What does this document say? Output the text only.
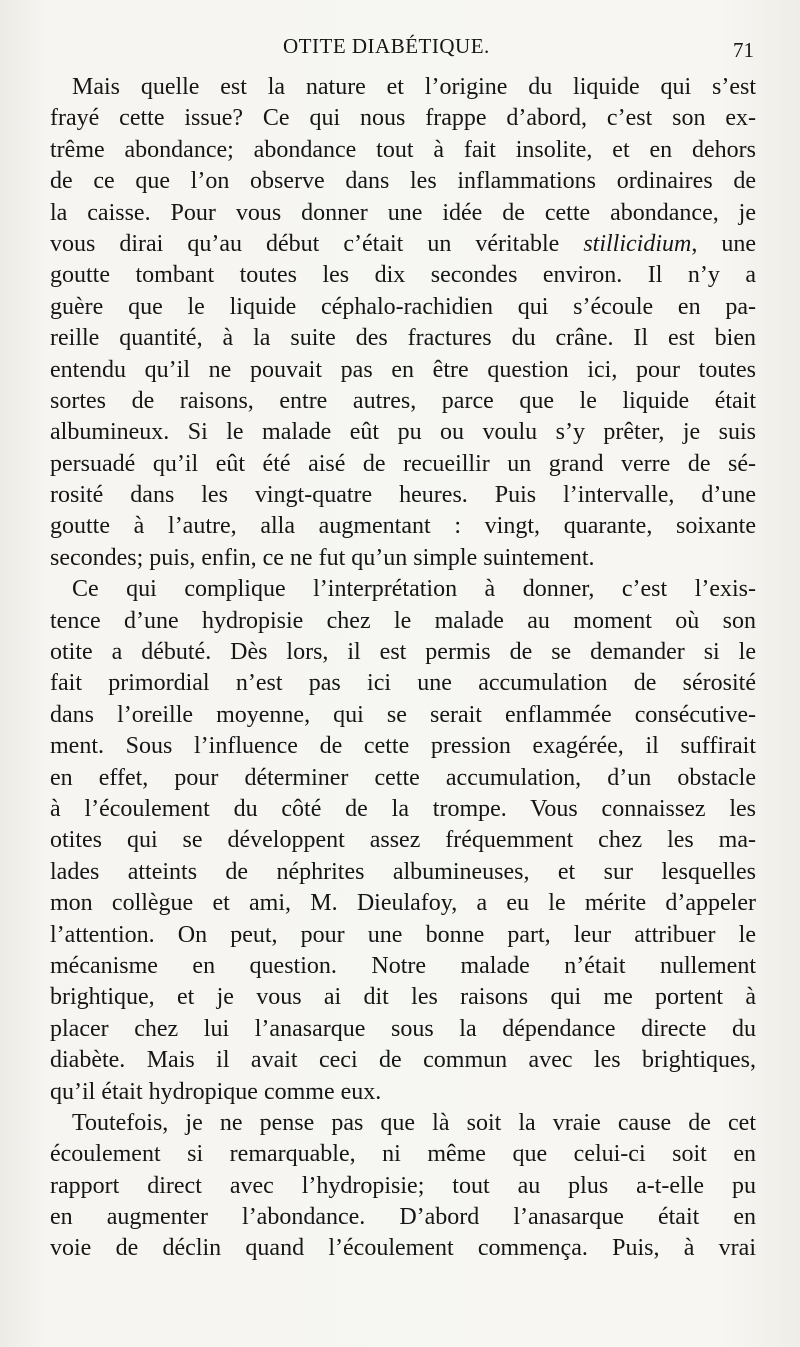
OTITE DIABÉTIQUE.	71
Mais quelle est la nature et l’origine du liquide qui s’est
frayé cette issue? Ce qui nous frappe d’abord, c’est son ex-
trême abondance; abondance tout à fait insolite, et en dehors
de ce que l’on observe dans les inflammations ordinaires de
la caisse. Pour vous donner une idée de cette abondance, je
vous dirai qu’au début c’était un véritable stillicidium, une
goutte tombant toutes les dix secondes environ. Il n’y a
guère que le liquide céphalo-rachidien qui s’écoule en pa-
reille quantité, à la suite des fractures du crâne. Il est bien
entendu qu’il ne pouvait pas en être question ici, pour toutes
sortes de raisons, entre autres, parce que le liquide était
albumineux. Si le malade eût pu ou voulu s’y prêter, je suis
persuadé qu’il eût été aisé de recueillir un grand verre de sé-
rosité dans les vingt-quatre heures. Puis l’intervalle, d’une
goutte à l’autre, alla augmentant : vingt, quarante, soixante
secondes; puis, enfin, ce ne fut qu’un simple suintement.
Ce qui complique l’interprétation à donner, c’est l’exis-
tence d’une hydropisie chez le malade au moment où son
otite a débuté. Dès lors, il est permis de se demander si le
fait primordial n’est pas ici une accumulation de sérosité
dans l’oreille moyenne, qui se serait enflammée consécutive-
ment. Sous l’influence de cette pression exagérée, il suffirait
en effet, pour déterminer cette accumulation, d’un obstacle
à l’écoulement du côté de la trompe. Vous connaissez les
otites qui se développent assez fréquemment chez les ma-
lades atteints de néphrites albumineuses, et sur lesquelles
mon collègue et ami, M. Dieulafoy, a eu le mérite d’appeler
l’attention. On peut, pour une bonne part, leur attribuer le
mécanisme en question. Notre malade n’était nullement
brightique, et je vous ai dit les raisons qui me portent à
placer chez lui l’anasarque sous la dépendance directe du
diabète. Mais il avait ceci de commun avec les brightiques,
qu’il était hydropique comme eux.
Toutefois, je ne pense pas que là soit la vraie cause de cet
écoulement si remarquable, ni même que celui-ci soit en
rapport direct avec l’hydropisie; tout au plus a-t-elle pu
en augmenter l’abondance. D’abord l’anasarque était en
voie de déclin quand l’écoulement commença. Puis, à vrai
